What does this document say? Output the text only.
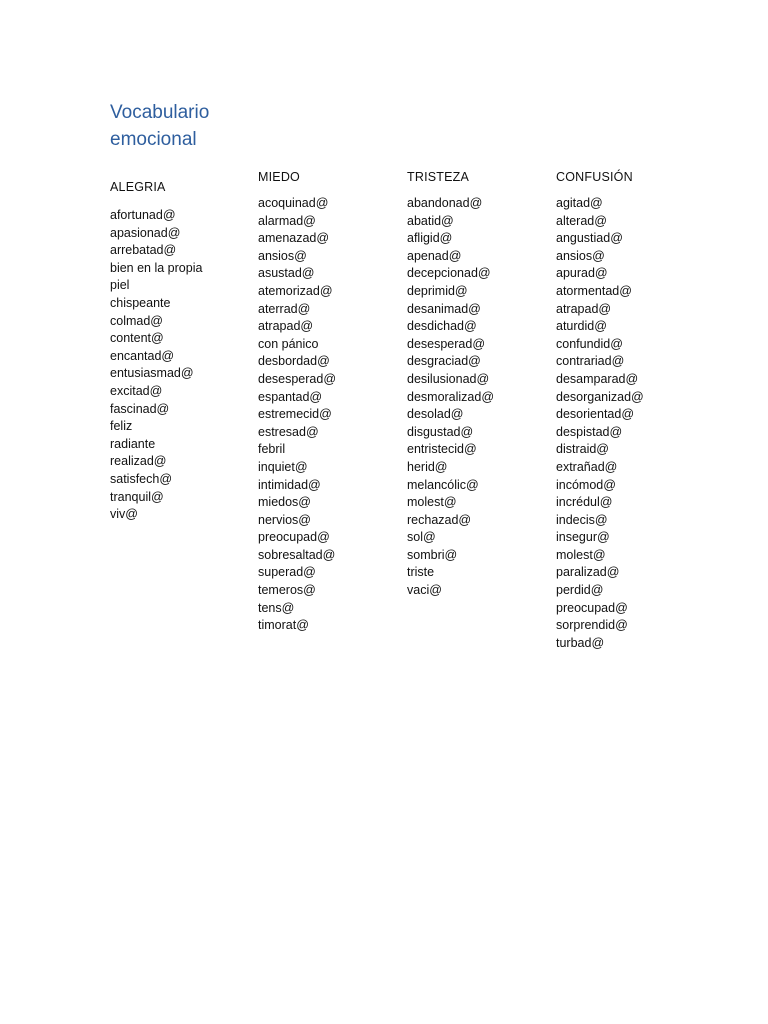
Vocabulario
emocional
ALEGRIA
afortunad@
apasionad@
arrebatad@
bien en la propia
piel
chispeante
colmad@
content@
encantad@
entusiasmad@
excitad@
fascinad@
feliz
radiante
realizad@
satisfech@
tranquil@
viv@
MIEDO
acoquinad@
alarmad@
amenazad@
ansios@
asustad@
atemorizad@
aterrad@
atrapad@
con pánico
desbordad@
desesperad@
espantad@
estremecid@
estresad@
febril
inquiet@
intimidad@
miedos@
nervios@
preocupad@
sobresaltad@
superad@
temeros@
tens@
timorat@
TRISTEZA
abandonad@
abatid@
afligid@
apenad@
decepcionad@
deprimid@
desanimad@
desdichad@
desesperad@
desgraciad@
desilusionad@
desmoralizad@
desolad@
disgustad@
entristecid@
herid@
melancólic@
molest@
rechazad@
sol@
sombri@
triste
vaci@
CONFUSIÓN
agitad@
alterad@
angustiad@
ansios@
apurad@
atormentad@
atrapad@
aturdid@
confundid@
contrariad@
desamparad@
desorganizad@
desorientad@
despistad@
distraid@
extrañad@
incómod@
incrédul@
indecis@
insegur@
molest@
paralizad@
perdid@
preocupad@
sorprendid@
turbad@
